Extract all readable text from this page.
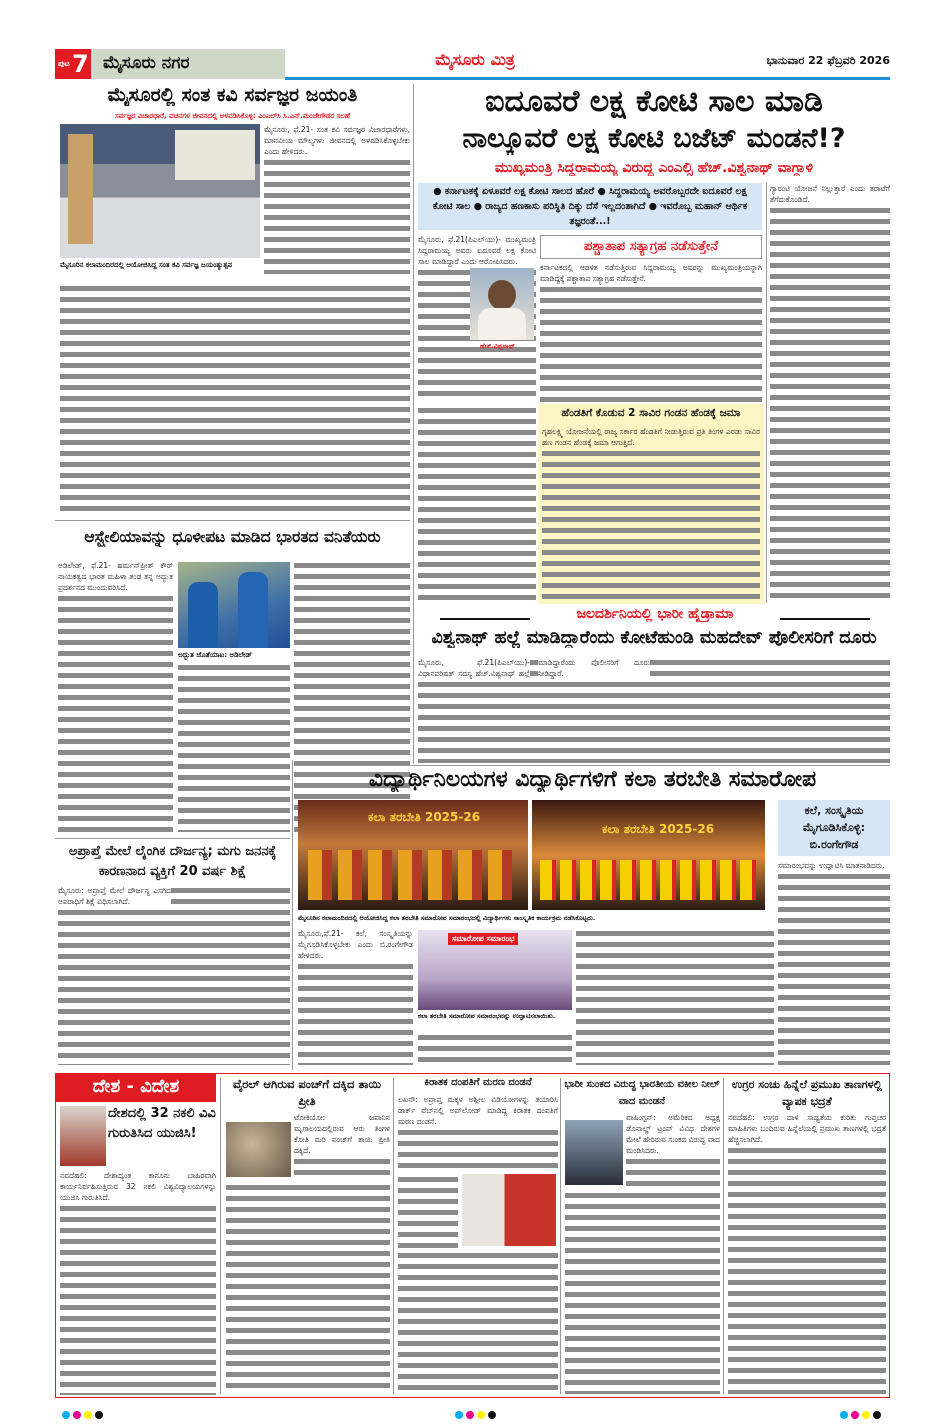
ಪುಟ 7 ಮೈಸೂರು ನಗರ	ಮೈಸೂರು ಮಿತ್ರ	ಭಾನುವಾರ 22 ಫೆಬ್ರವರಿ 2026
ಮೈಸೂರಲ್ಲಿ ಸಂತ ಕವಿ ಸರ್ವಜ್ಞರ ಜಯಂತಿ
ಸರ್ವಜ್ಞರ ವಿಚಾರಧಾರೆ, ವಚನಗಳ ಜೀವನದಲ್ಲಿ ಅಳವಡಿಸಿಕೊಳ್ಳಿ: ಎಂಎಲ್‌ಸಿ ಸಿ.ಎನ್.ಮಂಜೇಗೌಡರ ಸಲಹೆ
ಮೈಸೂರಿನ ಕಲಾಮಂದಿರದಲ್ಲಿ ಆಯೋಜಿಸಿದ್ದ ಸಂತ ಕವಿ ಸರ್ವಜ್ಞ ಜಯಂತ್ಯುತ್ಸವ
ಮೈಸೂರು, ಫೆ.21- ಸಂತ ಕವಿ ಸರ್ವಜ್ಞರ ವಿಚಾರಧಾರೆಗಳು, ಮಾನವೀಯ ಮೌಲ್ಯಗಳು ಜೀವನದಲ್ಲಿ ಅಳವಡಿಸಿಕೊಳ್ಳಬೇಕು ಎಂದು ಹೇಳಿದರು.
ಆಸ್ಟ್ರೇಲಿಯಾವನ್ನು ಧೂಳೀಪಟ ಮಾಡಿದ ಭಾರತದ ವನಿತೆಯರು
ಅಡಿಲೇಡ್, ಫೆ.21- ಹರ್ಮನ್‌ಪ್ರೀತ್ ಕೌರ್ ನಾಯಕತ್ವದ ಭಾರತ ಮಹಿಳಾ ತಂಡ ತನ್ನ ಅದ್ಭುತ ಪ್ರದರ್ಶನದ ಮುಂದುವರಿಸಿದೆ.
ಅದ್ಭುತ ಜೊತೆಯಾಟ: ಅಡಿಲೇಡ್
ಅಪ್ರಾಪ್ತೆ ಮೇಲೆ ಲೈಂಗಿಕ ದೌರ್ಜನ್ಯ; ಮಗು ಜನನಕ್ಕೆ ಕಾರಣನಾದ ವ್ಯಕ್ತಿಗೆ 20 ವರ್ಷ ಶಿಕ್ಷೆ
ಮೈಸೂರು: ಅಪ್ರಾಪ್ತೆ ಮೇಲೆ ದೌರ್ಜನ್ಯ ಎಸಗಿದ ಅಪರಾಧಿಗೆ ಶಿಕ್ಷೆ ವಿಧಿಸಲಾಗಿದೆ.
ಐದೂವರೆ ಲಕ್ಷ ಕೋಟಿ ಸಾಲ ಮಾಡಿ
ನಾಲ್ಕೂವರೆ ಲಕ್ಷ ಕೋಟಿ ಬಜೆಟ್ ಮಂಡನೆ!?
ಮುಖ್ಯಮಂತ್ರಿ ಸಿದ್ದರಾಮಯ್ಯ ವಿರುದ್ಧ ಎಂಎಲ್ಸಿ ಹೆಚ್.ವಿಶ್ವನಾಥ್ ವಾಗ್ದಾಳಿ
● ಕರ್ನಾಟಕಕ್ಕೆ ಏಳೂವರೆ ಲಕ್ಷ ಕೋಟಿ ಸಾಲದ ಹೊರೆ ● ಸಿದ್ದರಾಮಯ್ಯ ಅವರೊಬ್ಬರದೇ ಐದೂವರೆ ಲಕ್ಷ ಕೋಟಿ ಸಾಲ ● ರಾಜ್ಯದ ಹಣಕಾಸು ಪರಿಸ್ಥಿತಿ ದಿಕ್ಕು ದೆಸೆ ಇಲ್ಲದಂತಾಗಿದೆ ● ಇವರೊಬ್ಬ ಮಹಾನ್ ಆರ್ಥಿಕ ತಜ್ಞರಂತೆ...!
ಮೈಸೂರು, ಫೆ.21(ಪಿಎಲ್‌ಯು)- ಮುಖ್ಯಮಂತ್ರಿ ಸಿದ್ದರಾಮಯ್ಯ ಅವರು ಐದೂವರೆ ಲಕ್ಷ ಕೋಟಿ ಸಾಲ ಮಾಡಿದ್ದಾರೆ ಎಂದು ಆರೋಪಿಸಿದರು.
ಹೆಚ್.ವಿಶ್ವನಾಥ್
ಪಶ್ಚಾತಾಪ ಸತ್ಯಾಗ್ರಹ ನಡೆಸುತ್ತೇನೆ
ಕರ್ನಾಟಕದಲ್ಲಿ ಆಡಳಿತ ನಡೆಸುತ್ತಿರುವ ಸಿದ್ದರಾಮಯ್ಯ ಅವರನ್ನು ಮುಖ್ಯಮಂತ್ರಿಯನ್ನಾಗಿ ಮಾಡಿದ್ದಕ್ಕೆ ಪಶ್ಚಾತಾಪ ಸತ್ಯಾಗ್ರಹ ನಡೆಸುತ್ತೇನೆ.
ಹೆಂಡತಿಗೆ ಕೊಡುವ 2 ಸಾವಿರ ಗಂಡನ ಹೆಂಡಕ್ಕೆ ಜಮಾ
ಗೃಹಲಕ್ಷ್ಮಿ ಯೋಜನೆಯಲ್ಲಿ ರಾಜ್ಯ ಸರ್ಕಾರ ಹೆಂಡತಿಗೆ ನೀಡುತ್ತಿರುವ ಪ್ರತಿ ತಿಂಗಳ ಎರಡು ಸಾವಿರ ಹಣ ಗಂಡನ ಹೆಂಡಕ್ಕೆ ಜಮಾ ಆಗುತ್ತಿದೆ.
ಗ್ಯಾರಂಟಿ ಯೋಜನೆ ನಿಲ್ಲುತ್ತಾರೆ ಎಂದು ತರಾಟೆಗೆ ತೆಗೆದುಕೊಂಡಿದೆ.
ಜಲದರ್ಶಿನಿಯಲ್ಲಿ ಭಾರೀ ಹೈಡ್ರಾಮಾ
ವಿಶ್ವನಾಥ್ ಹಲ್ಲೆ ಮಾಡಿದ್ದಾರೆಂದು ಕೋಟೆಹುಂಡಿ ಮಹದೇವ್ ಪೊಲೀಸರಿಗೆ ದೂರು
ಮೈಸೂರು, ಫೆ.21(ಪಿಎಲ್‌ಯು)- ವಿಧಾನಪರಿಷತ್ ಸದಸ್ಯ ಹೆಚ್.ವಿಶ್ವನಾಥ್ ಹಲ್ಲೆ ಮಾಡಿದ್ದಾರೆಂದು ಪೊಲೀಸರಿಗೆ ದೂರು ನೀಡಿದ್ದಾರೆ.
ವಿದ್ಯಾರ್ಥಿನಿಲಯಗಳ ವಿದ್ಯಾರ್ಥಿಗಳಿಗೆ ಕಲಾ ತರಬೇತಿ ಸಮಾರೋಪ
ಕಲಾ ತರಬೇತಿ 2025-26
ಕಲಾ ತರಬೇತಿ 2025-26
ಕಲೆ, ಸಂಸ್ಕೃತಿಯ ಮೈಗೂಡಿಸಿಕೊಳ್ಳಿ: ಬಿ.ರಂಗೇಗೌಡ
ಸಮಾರಂಭವನ್ನು ಉದ್ಘಾಟಿಸಿ ಮಾತನಾಡಿದರು.
ಮೈಸೂರಿನ ಕಲಾಮಂದಿರದಲ್ಲಿ ಆಯೋಜಿಸಿದ್ದ ಕಲಾ ತರಬೇತಿ ಸಮಾರೋಪ ಸಮಾರಂಭದಲ್ಲಿ ವಿದ್ಯಾರ್ಥಿಗಳು ಸಾಂಸ್ಕೃತಿಕ ಕಾರ್ಯಕ್ರಮ ನಡೆಸಿಕೊಟ್ಟರು.
ಮೈಸೂರು,ಫೆ.21- ಕಲೆ, ಸಂಸ್ಕೃತಿಯನ್ನು ಮೈಗೂಡಿಸಿಕೊಳ್ಳಬೇಕು ಎಂದು ಬಿ.ರಂಗೇಗೌಡ ಹೇಳಿದರು.
ಸಮಾರೋಪ ಸಮಾರಂಭ
ಕಲಾ ತರಬೇತಿ ಸಮಾರೋಪ ಸಮಾರಂಭವನ್ನು ಉದ್ಘಾಟಿಸಲಾಯಿತು.
ದೇಶ - ವಿದೇಶ
ದೇಶದಲ್ಲಿ 32 ನಕಲಿ ವಿವಿ ಗುರುತಿಸಿದ ಯುಜಿಸಿ!
ನವದೆಹಲಿ: ದೇಶಾದ್ಯಂತ ಕಾನೂನು ಬಾಹಿರವಾಗಿ ಕಾರ್ಯನಿರ್ವಹಿಸುತ್ತಿರುವ 32 ನಕಲಿ ವಿಶ್ವವಿದ್ಯಾಲಯಗಳನ್ನು ಯುಜಿಸಿ ಗುರುತಿಸಿದೆ.
ವೈರಲ್ ಆಗಿರುವ ಪಂಚ್‌ಗೆ ದಕ್ಕಿದ ತಾಯಿ ಪ್ರೀತಿ
ಟೋಕಿಯೋ: ಜಪಾನಿನ ಮೃಗಾಲಯದಲ್ಲಿರುವ ಆರು ತಿಂಗಳ ಕೋತಿ ಮರಿ ಪಂಚ್‌ಗೆ ತಾಯಿ ಪ್ರೀತಿ ದಕ್ಕಿದೆ.
ಕಿರಾತಕ ದಂಪತಿಗೆ ಮರಣ ದಂಡನೆ
ಲಖನೌ: ಅಪ್ರಾಪ್ತ ಮಕ್ಕಳ ಅಶ್ಲೀಲ ವಿಡಿಯೋಗಳನ್ನು ತಯಾರಿಸಿ ಡಾರ್ಕ್ ವೆಬ್‌ನಲ್ಲಿ ಅಪ್‌ಲೋಡ್ ಮಾಡಿದ್ದ ಕಿರಾತಕ ದಂಪತಿಗೆ ಮರಣ ದಂಡನೆ.
ಭಾರೀ ಸುಂಕದ ವಿರುದ್ಧ ಭಾರತೀಯ ವಕೀಲ ನೀಲ್ ವಾದ ಮಂಡನೆ
ವಾಷಿಂಗ್ಟನ್: ಅಮೆರಿಕದ ಅಧ್ಯಕ್ಷ ಡೊನಾಲ್ಡ್ ಟ್ರಂಪ್ ವಿವಿಧ ದೇಶಗಳ ಮೇಲೆ ಹೇರಿರುವ ಸುಂಕದ ವಿರುದ್ಧ ವಾದ ಮಂಡಿಸಿದರು.
ಉಗ್ರರ ಸಂಚು ಹಿನ್ನೆಲೆ ಪ್ರಮುಖ ತಾಣಗಳಲ್ಲಿ ವ್ಯಾಪಕ ಭದ್ರತೆ
ನವದೆಹಲಿ: ಉಗ್ರರ ದಾಳಿ ಸಾಧ್ಯತೆಯ ಕುರಿತು ಗುಪ್ತಚರ ಮಾಹಿತಿಗಳು ಬಂದಿರುವ ಹಿನ್ನೆಲೆಯಲ್ಲಿ ಪ್ರಮುಖ ತಾಣಗಳಲ್ಲಿ ಭದ್ರತೆ ಹೆಚ್ಚಿಸಲಾಗಿದೆ.
